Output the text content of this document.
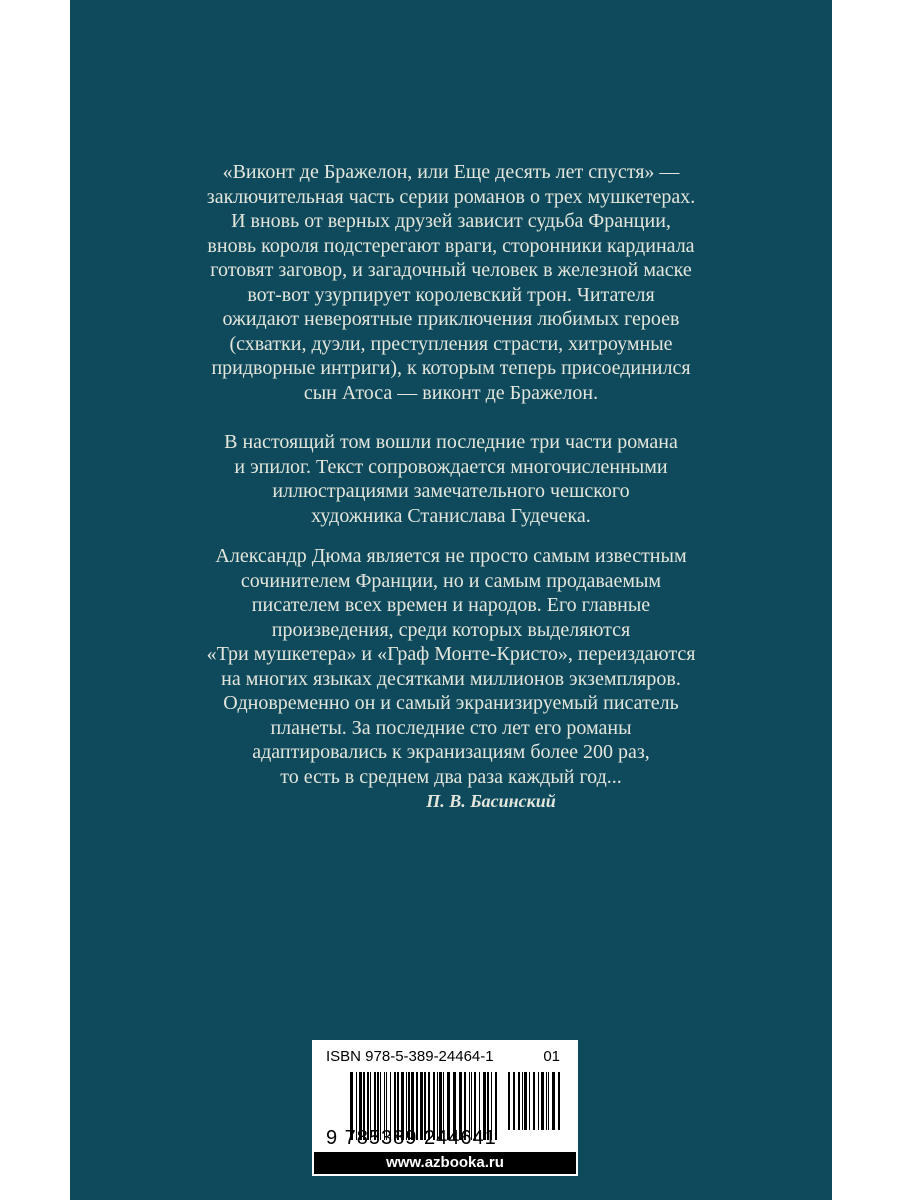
«Виконт де Бражелон, или Еще десять лет спустя» —
заключительная часть серии романов о трех мушкетерах.
И вновь от верных друзей зависит судьба Франции,
вновь короля подстерегают враги, сторонники кардинала
готовят заговор, и загадочный человек в железной маске
вот-вот узурпирует королевский трон. Читателя
ожидают невероятные приключения любимых героев
(схватки, дуэли, преступления страсти, хитроумные
придворные интриги), к которым теперь присоединился
сын Атоса — виконт де Бражелон.

В настоящий том вошли последние три части романа
и эпилог. Текст сопровождается многочисленными
иллюстрациями замечательного чешского
художника Станислава Гудечека.

Александр Дюма является не просто самым известным
сочинителем Франции, но и самым продаваемым
писателем всех времен и народов. Его главные
произведения, среди которых выделяются
«Три мушкетера» и «Граф Монте-Кристо», переиздаются
на многих языках десятками миллионов экземпляров.
Одновременно он и самый экранизируемый писатель
планеты. За последние сто лет его романы
адаптировались к экранизациям более 200 раз,
то есть в среднем два раза каждый год...
П. В. Басинский

ISBN 978-5-389-24464-1	01
9 785389 244641
www.azbooka.ru
